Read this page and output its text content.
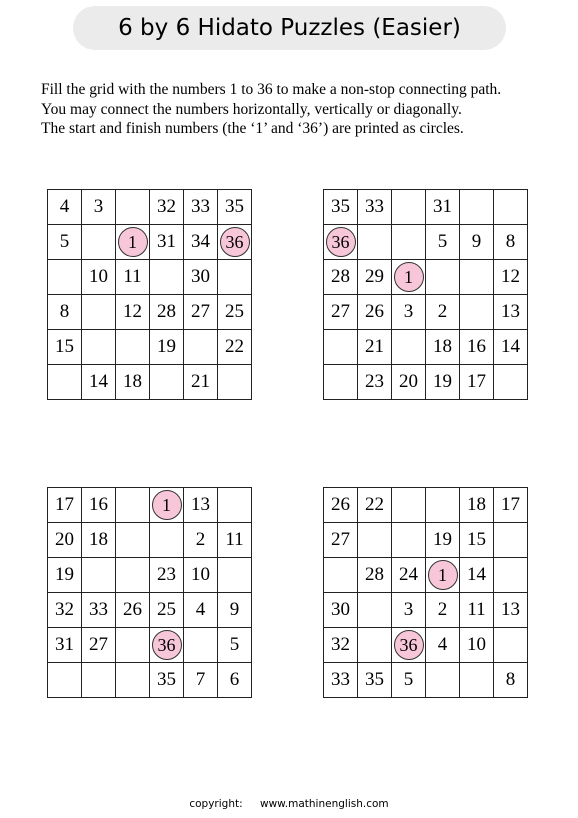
6 by 6 Hidato Puzzles (Easier)

Fill the grid with the numbers 1 to 36 to make a non-stop connecting path.

You may connect the numbers horizontally, vertically or diagonally.

The start and finish numbers (the ‘1’ and ‘36’) are printed as circles.

4	3		32	33	35
5		1	31	34	36
	10	11		30	
8		12	28	27	25
15			19		22
	14	18		21	
35	33		31		
36			5	9	8
28	29	1			12
27	26	3	2		13
	21		18	16	14
	23	20	19	17	
17	16		1	13	
20	18			2	11
19			23	10	
32	33	26	25	4	9
31	27		36		5
			35	7	6
26	22			18	17
27			19	15	
	28	24	1	14	
30		3	2	11	13
32		36	4	10	
33	35	5			8
copyright: www.mathinenglish.com
